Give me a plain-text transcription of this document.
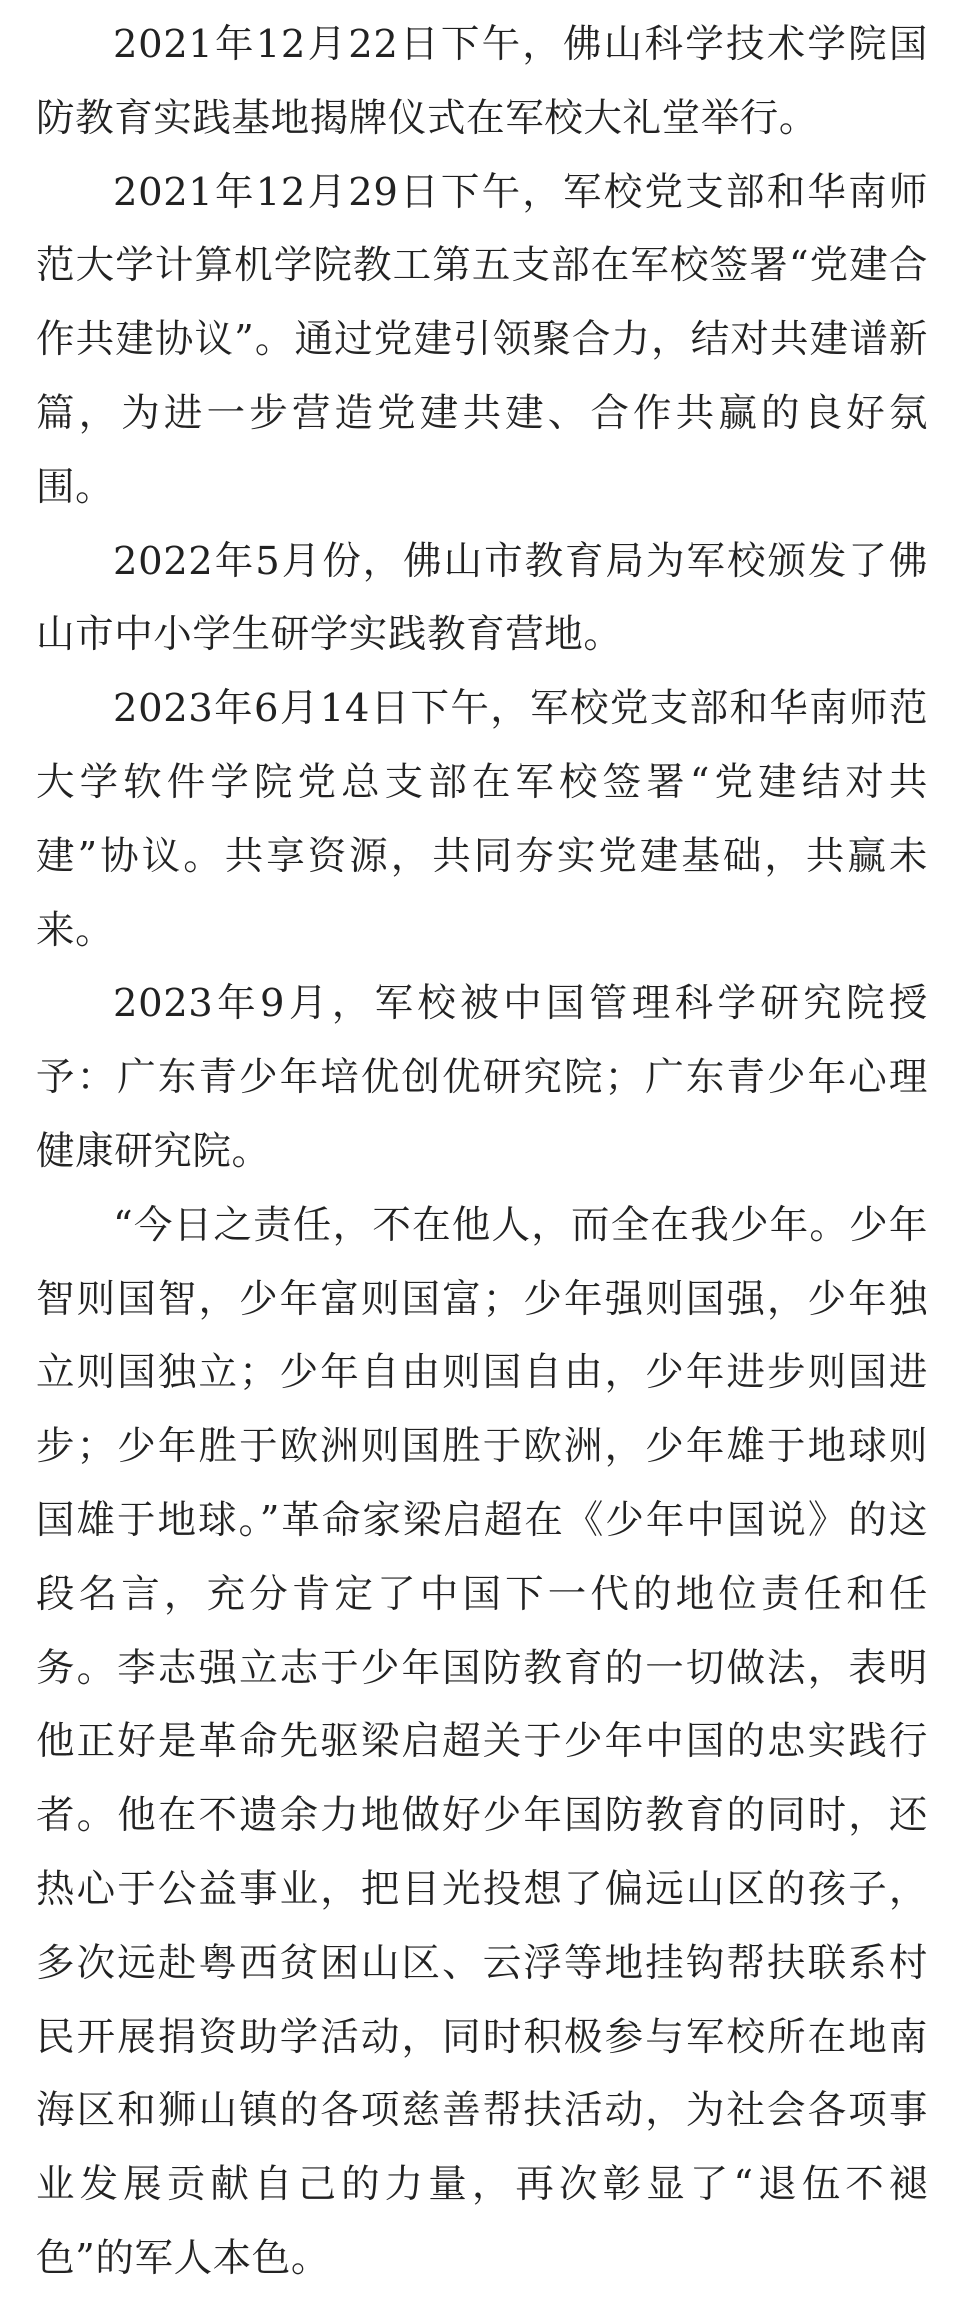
2021年12月22日下午，佛山科学技术学院国防教育实践基地揭牌仪式在军校大礼堂举行。

2021年12月29日下午，军校党支部和华南师范大学计算机学院教工第五支部在军校签署“党建合作共建协议”。通过党建引领聚合力，结对共建谱新篇，为进一步营造党建共建、合作共赢的良好氛围。

2022年5月份，佛山市教育局为军校颁发了佛山市中小学生研学实践教育营地。

2023年6月14日下午，军校党支部和华南师范大学软件学院党总支部在军校签署“党建结对共建”协议。共享资源，共同夯实党建基础，共赢未来。

2023年9月，军校被中国管理科学研究院授予：广东青少年培优创优研究院；广东青少年心理健康研究院。

“今日之责任，不在他人，而全在我少年。少年智则国智，少年富则国富；少年强则国强，少年独立则国独立；少年自由则国自由，少年进步则国进步；少年胜于欧洲则国胜于欧洲，少年雄于地球则国雄于地球。”革命家梁启超在《少年中国说》的这段名言，充分肯定了中国下一代的地位责任和任务。李志强立志于少年国防教育的一切做法，表明他正好是革命先驱梁启超关于少年中国的忠实践行者。他在不遗余力地做好少年国防教育的同时，还热心于公益事业，把目光投想了偏远山区的孩子，多次远赴粤西贫困山区、云浮等地挂钩帮扶联系村民开展捐资助学活动，同时积极参与军校所在地南海区和狮山镇的各项慈善帮扶活动，为社会各项事业发展贡献自己的力量，再次彰显了“退伍不褪色”的军人本色。
